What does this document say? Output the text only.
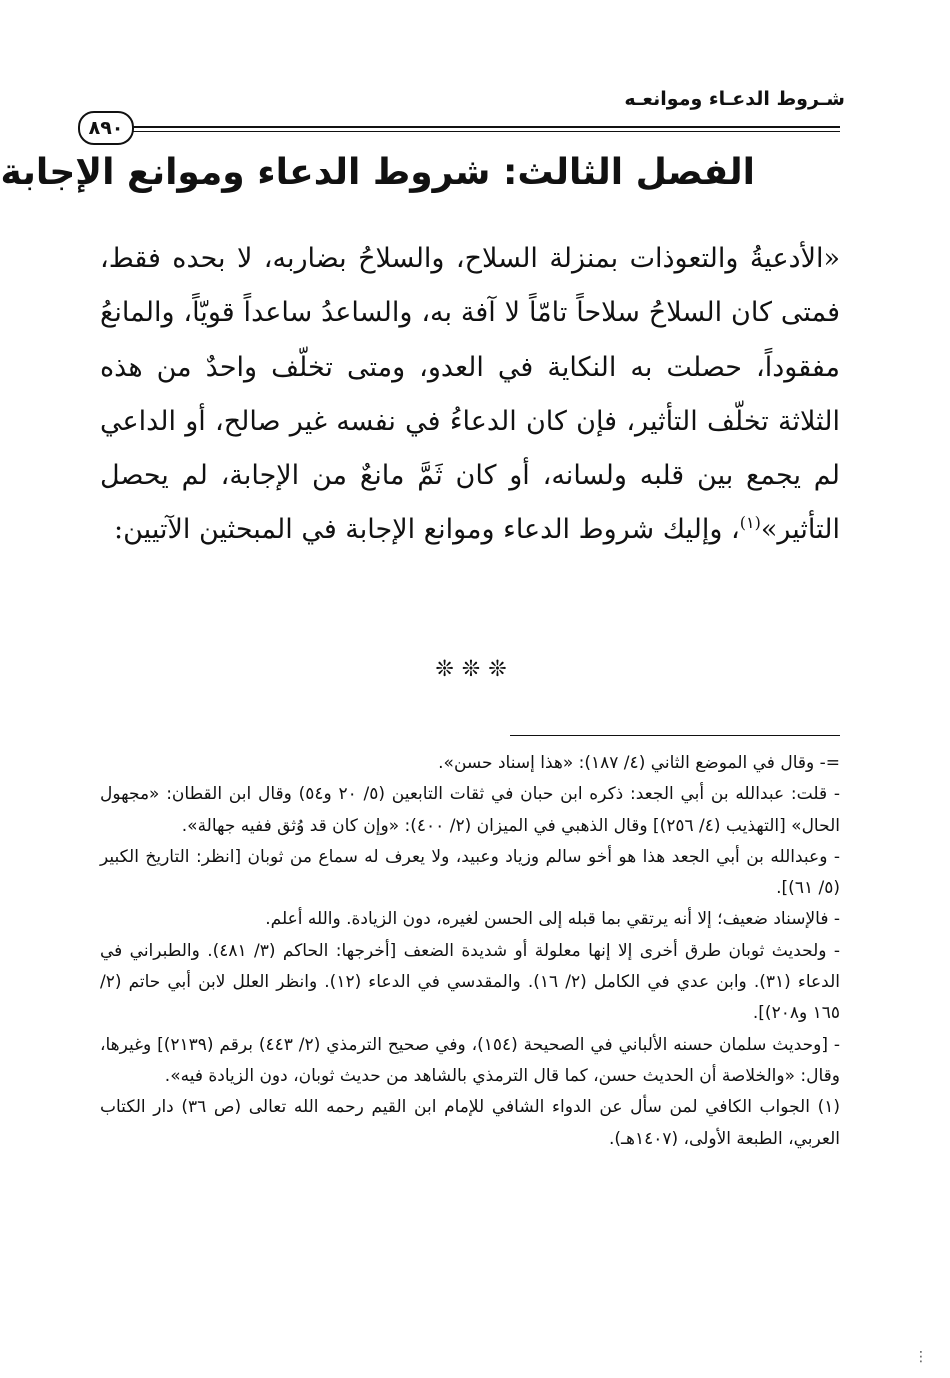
شـروط الدعـاء وموانعـه
٨٩٠
الفصل الثالث: شروط الدعاء وموانع الإجابة
«الأدعيةُ والتعوذات بمنزلة السلاح، والسلاحُ بضاربه، لا بحده فقط، فمتى كان السلاحُ سلاحاً تامّاً لا آفة به، والساعدُ ساعداً قويّاً، والمانعُ مفقوداً، حصلت به النكاية في العدو، ومتى تخلّف واحدٌ من هذه الثلاثة تخلّف التأثير، فإن كان الدعاءُ في نفسه غير صالح، أو الداعي لم يجمع بين قلبه ولسانه، أو كان ثَمَّ مانعٌ من الإجابة، لم يحصل التأثير»$^{(١)}$، وإليك شروط الدعاء وموانع الإجابة في المبحثين الآتيين:
❊❊❊
=- وقال في الموضع الثاني (٤/ ١٨٧): «هذا إسناد حسن».
- قلت: عبدالله بن أبي الجعد: ذكره ابن حبان في ثقات التابعين (٥/ ٢٠ و٥٤) وقال ابن القطان: «مجهول الحال» [التهذيب (٤/ ٢٥٦)] وقال الذهبي في الميزان (٢/ ٤٠٠): «وإن كان قد وُثق ففيه جهالة».
- وعبدالله بن أبي الجعد هذا هو أخو سالم وزياد وعبيد، ولا يعرف له سماع من ثوبان [انظر: التاريخ الكبير (٥/ ٦١)].
- فالإسناد ضعيف؛ إلا أنه يرتقي بما قبله إلى الحسن لغيره، دون الزيادة. والله أعلم.
- ولحديث ثوبان طرق أخرى إلا إنها معلولة أو شديدة الضعف [أخرجها: الحاكم (٣/ ٤٨١). والطبراني في الدعاء (٣١). وابن عدي في الكامل (٢/ ١٦). والمقدسي في الدعاء (١٢). وانظر العلل لابن أبي حاتم (٢/ ١٦٥ و٢٠٨)].
- [وحديث سلمان حسنه الألباني في الصحيحة (١٥٤)، وفي صحيح الترمذي (٢/ ٤٤٣) برقم (٢١٣٩)] وغيرها، وقال: «والخلاصة أن الحديث حسن، كما قال الترمذي بالشاهد من حديث ثوبان، دون الزيادة فيه».
(١) الجواب الكافي لمن سأل عن الدواء الشافي للإمام ابن القيم رحمه الله تعالى (ص ٣٦) دار الكتاب العربي، الطبعة الأولى، (١٤٠٧هـ).
⋮
